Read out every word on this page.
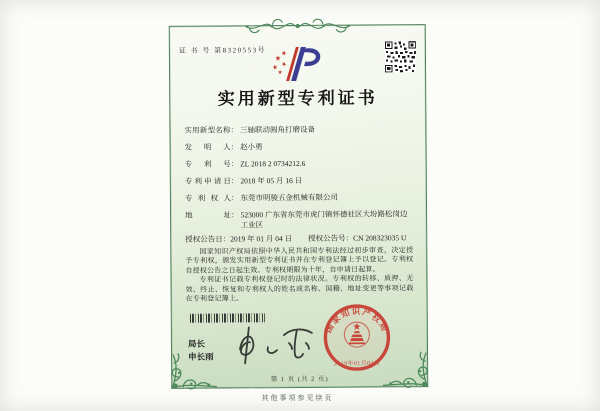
证 书 号 第8320553号
实用新型专利证书
实用新型名称 ： 三轴联动圆角打磨设备
发明人 ： 赵小勇
专利号 ： ZL 2018 2 0734212.6
专利申请日 ： 2018 年 05 月 16 日
专利权人 ： 东莞市明骏五金机械有限公司
地址 ： 523000 广东省东莞市虎门镇怀德社区大坋路松岗边工业区
授权公告日 ： 2019 年 01 月 04 日 授权公告号 ： CN 208323035 U

国家知识产权局依照中华人民共和国专利法经过初步审查，决定授予专利权，颁发实用新型专利证书并在专利登记簿上予以登记。专利权自授权公告之日起生效。专利权期限为十年，自申请日起算。

专利证书记载专利权登记时的法律状况。专利权的转移、质押、无效、终止、恢复和专利权人的姓名或名称、国籍、地址变更等事项记载在专利登记簿上。

局长
申长雨
国家知识产权局
2019年01月04日
第 1 页 (共 2 页)
其他事项参见续页
